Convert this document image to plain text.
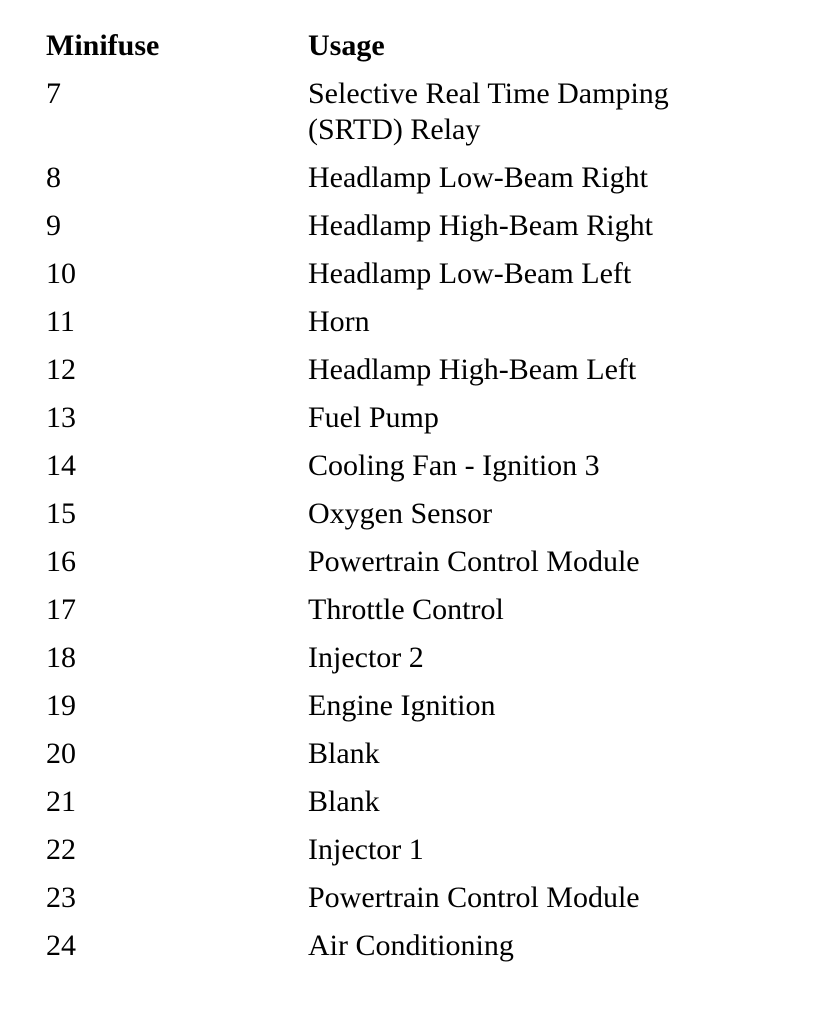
Minifuse	Usage
7	Selective Real Time Damping
(SRTD) Relay
8	Headlamp Low-Beam Right
9	Headlamp High-Beam Right
10	Headlamp Low-Beam Left
11	Horn
12	Headlamp High-Beam Left
13	Fuel Pump
14	Cooling Fan - Ignition 3
15	Oxygen Sensor
16	Powertrain Control Module
17	Throttle Control
18	Injector 2
19	Engine Ignition
20	Blank
21	Blank
22	Injector 1
23	Powertrain Control Module
24	Air Conditioning
